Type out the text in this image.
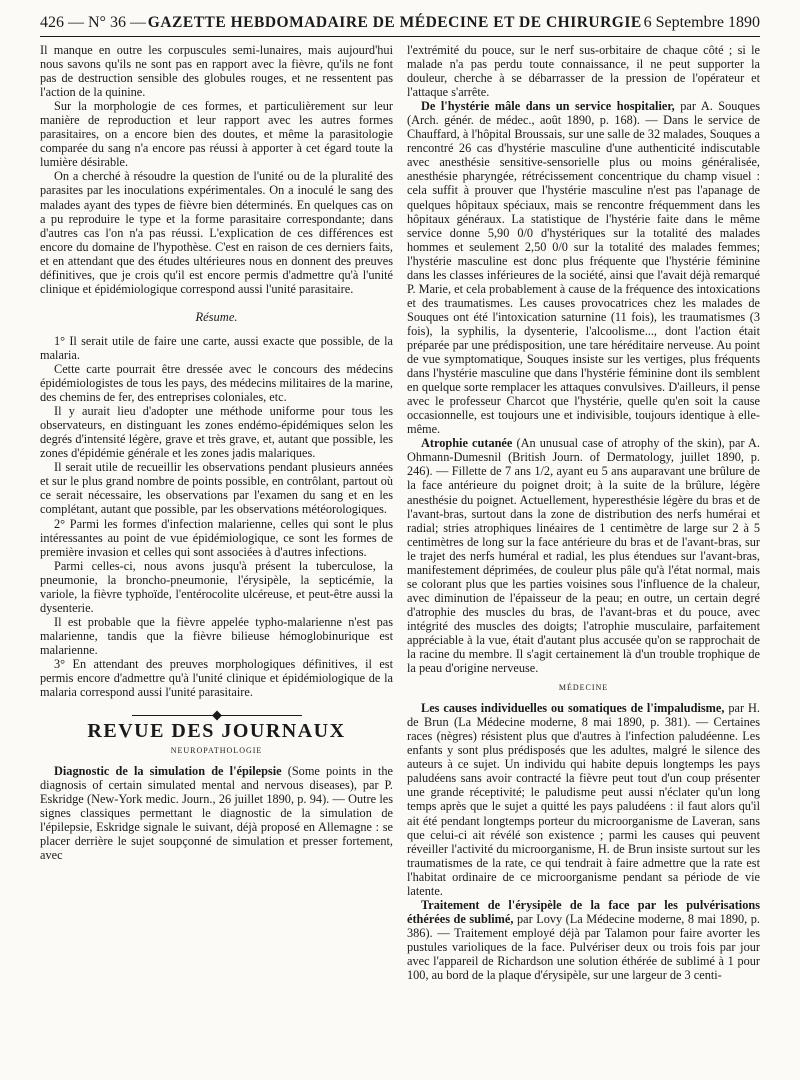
426 — N° 36 — GAZETTE HEBDOMADAIRE DE MÉDECINE ET DE CHIRURGIE 6 Septembre 1890

Il manque en outre les corpuscules semi-lunaires, mais aujourd'hui nous savons qu'ils ne sont pas en rapport avec la fièvre, qu'ils ne font pas de destruction sensible des globules rouges, et ne ressentent pas l'action de la quinine.

Sur la morphologie de ces formes, et particulièrement sur leur manière de reproduction et leur rapport avec les autres formes parasitaires, on a encore bien des doutes, et même la parasitologie comparée du sang n'a encore pas réussi à apporter à cet égard toute la lumière désirable.

On a cherché à résoudre la question de l'unité ou de la pluralité des parasites par les inoculations expérimentales. On a inoculé le sang des malades ayant des types de fièvre bien déterminés. En quelques cas on a pu reproduire le type et la forme parasitaire correspondante; dans d'autres cas l'on n'a pas réussi. L'explication de ces différences est encore du domaine de l'hypothèse. C'est en raison de ces derniers faits, et en attendant que des études ultérieures nous en donnent des preuves définitives, que je crois qu'il est encore permis d'admettre qu'à l'unité clinique et épidémiologique correspond aussi l'unité parasitaire.

Résume.

1° Il serait utile de faire une carte, aussi exacte que possible, de la malaria.

Cette carte pourrait être dressée avec le concours des médecins épidémiologistes de tous les pays, des médecins militaires de la marine, des chemins de fer, des entreprises coloniales, etc.

Il y aurait lieu d'adopter une méthode uniforme pour tous les observateurs, en distinguant les zones endémo-épidémiques selon les degrés d'intensité légère, grave et très grave, et, autant que possible, les zones d'épidémie générale et les zones jadis malariques.

Il serait utile de recueillir les observations pendant plusieurs années et sur le plus grand nombre de points possible, en contrôlant, partout où ce serait nécessaire, les observations par l'examen du sang et en les complétant, autant que possible, par les observations météorologiques.

2° Parmi les formes d'infection malarienne, celles qui sont le plus intéressantes au point de vue épidémiologique, ce sont les formes de première invasion et celles qui sont associées à d'autres infections.

Parmi celles-ci, nous avons jusqu'à présent la tuberculose, la pneumonie, la broncho-pneumonie, l'érysipèle, la septicémie, la variole, la fièvre typhoïde, l'entérocolite ulcéreuse, et peut-être aussi la dysenterie.

Il est probable que la fièvre appelée typho-malarienne n'est pas malarienne, tandis que la fièvre bilieuse hémoglobinurique est malarienne.

3° En attendant des preuves morphologiques définitives, il est permis encore d'admettre qu'à l'unité clinique et épidémiologique de la malaria correspond aussi l'unité parasitaire.

REVUE DES JOURNAUX
NEUROPATHOLOGIE

Diagnostic de la simulation de l'épilepsie (Some points in the diagnosis of certain simulated mental and nervous diseases), par P. Eskridge (New-York medic. Journ., 26 juillet 1890, p. 94). — Outre les signes classiques permettant le diagnostic de la simulation de l'épilepsie, Eskridge signale le suivant, déjà proposé en Allemagne : se placer derrière le sujet soupçonné de simulation et presser fortement, avec

l'extrémité du pouce, sur le nerf sus-orbitaire de chaque côté ; si le malade n'a pas perdu toute connaissance, il ne peut supporter la douleur, cherche à se débarrasser de la pression de l'opérateur et l'attaque s'arrête.

De l'hystérie mâle dans un service hospitalier, par A. Souques (Arch. génér. de médec., août 1890, p. 168). — Dans le service de Chauffard, à l'hôpital Broussais, sur une salle de 32 malades, Souques a rencontré 26 cas d'hystérie masculine d'une authenticité indiscutable avec anesthésie sensitive-sensorielle plus ou moins généralisée, anesthésie pharyngée, rétrécissement concentrique du champ visuel : cela suffit à prouver que l'hystérie masculine n'est pas l'apanage de quelques hôpitaux spéciaux, mais se rencontre fréquemment dans les hôpitaux généraux. La statistique de l'hystérie faite dans le même service donne 5,90 0/0 d'hystériques sur la totalité des malades hommes et seulement 2,50 0/0 sur la totalité des malades femmes; l'hystérie masculine est donc plus fréquente que l'hystérie féminine dans les classes inférieures de la société, ainsi que l'avait déjà remarqué P. Marie, et cela probablement à cause de la fréquence des intoxications et des traumatismes. Les causes provocatrices chez les malades de Souques ont été l'intoxication saturnine (11 fois), les traumatismes (3 fois), la syphilis, la dysenterie, l'alcoolisme..., dont l'action était préparée par une prédisposition, une tare héréditaire nerveuse. Au point de vue symptomatique, Souques insiste sur les vertiges, plus fréquents dans l'hystérie masculine que dans l'hystérie féminine dont ils semblent en quelque sorte remplacer les attaques convulsives. D'ailleurs, il pense avec le professeur Charcot que l'hystérie, quelle qu'en soit la cause occasionnelle, est toujours une et indivisible, toujours identique à elle-même.

Atrophie cutanée (An unusual case of atrophy of the skin), par A. Ohmann-Dumesnil (British Journ. of Dermatology, juillet 1890, p. 246). — Fillette de 7 ans 1/2, ayant eu 5 ans auparavant une brûlure de la face antérieure du poignet droit; à la suite de la brûlure, légère anesthésie du poignet. Actuellement, hyperesthésie légère du bras et de l'avant-bras, surtout dans la zone de distribution des nerfs humérai et radial; stries atrophiques linéaires de 1 centimètre de large sur 2 à 5 centimètres de long sur la face antérieure du bras et de l'avant-bras, sur le trajet des nerfs huméral et radial, les plus étendues sur l'avant-bras, manifestement déprimées, de couleur plus pâle qu'à l'état normal, mais se colorant plus que les parties voisines sous l'influence de la chaleur, avec diminution de l'épaisseur de la peau; en outre, un certain degré d'atrophie des muscles du bras, de l'avant-bras et du pouce, avec intégrité des muscles des doigts; l'atrophie musculaire, parfaitement appréciable à la vue, était d'autant plus accusée qu'on se rapprochait de la racine du membre. Il s'agit certainement là d'un trouble trophique de la peau d'origine nerveuse.

MÉDECINE

Les causes individuelles ou somatiques de l'impaludisme, par H. de Brun (La Médecine moderne, 8 mai 1890, p. 381). — Certaines races (nègres) résistent plus que d'autres à l'infection paludéenne. Les enfants y sont plus prédisposés que les adultes, malgré le silence des auteurs à ce sujet. Un individu qui habite depuis longtemps les pays paludéens sans avoir contracté la fièvre peut tout d'un coup présenter une grande réceptivité; le paludisme peut aussi n'éclater qu'un long temps après que le sujet a quitté les pays paludéens : il faut alors qu'il ait été pendant longtemps porteur du microorganisme de Laveran, sans que celui-ci ait révélé son existence ; parmi les causes qui peuvent réveiller l'activité du microorganisme, H. de Brun insiste surtout sur les traumatismes de la rate, ce qui tendrait à faire admettre que la rate est l'habitat ordinaire de ce microorganisme pendant sa période de vie latente.

Traitement de l'érysipèle de la face par les pulvérisations éthérées de sublimé, par Lovy (La Médecine moderne, 8 mai 1890, p. 386). — Traitement employé déjà par Talamon pour faire avorter les pustules varioliques de la face. Pulvériser deux ou trois fois par jour avec l'appareil de Richardson une solution éthérée de sublimé à 1 pour 100, au bord de la plaque d'érysipèle, sur une largeur de 3 centi-
